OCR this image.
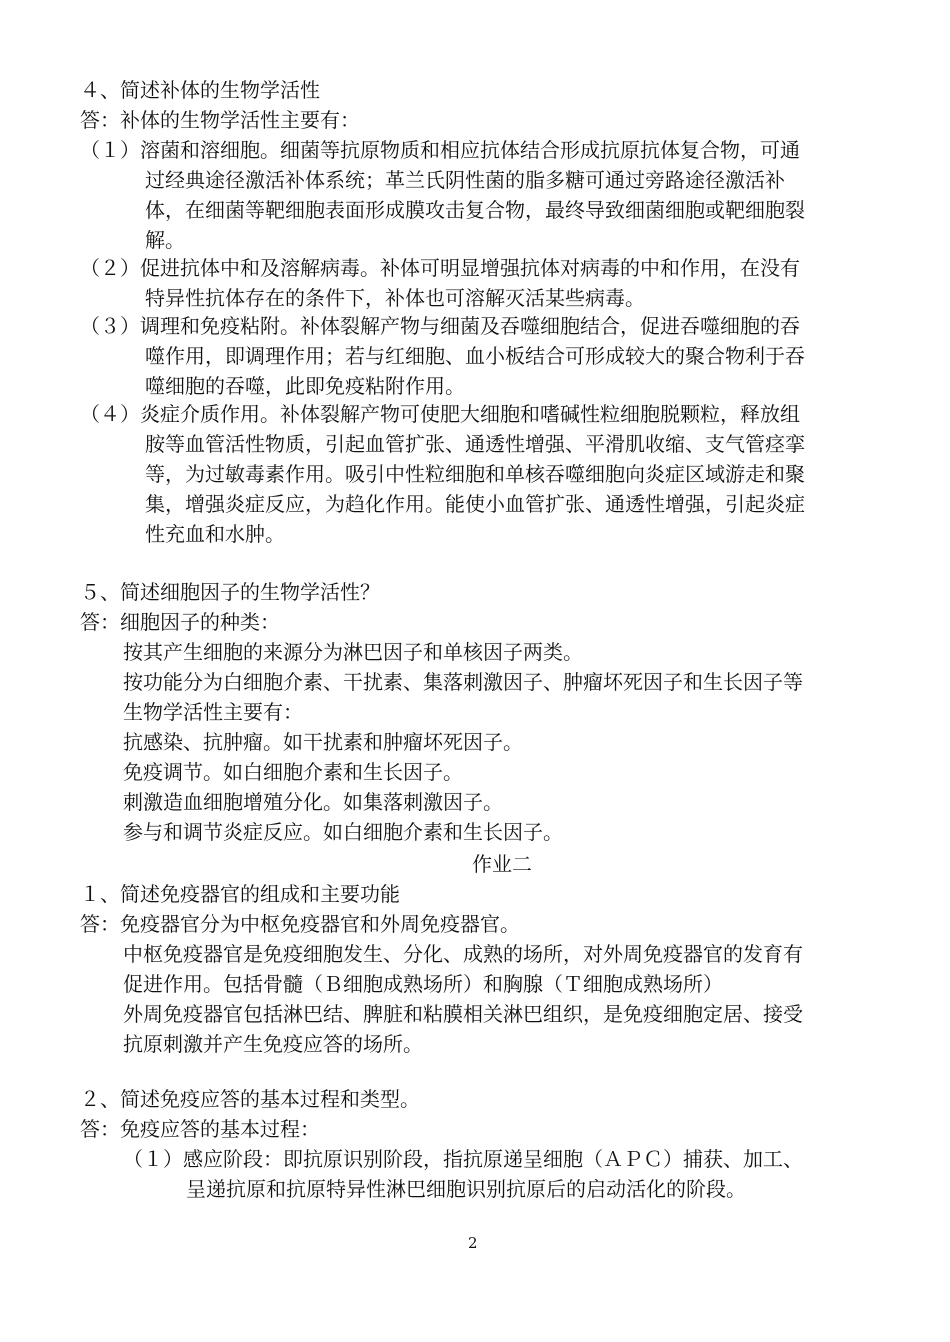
４、简述补体的生物学活性
答：补体的生物学活性主要有：
（１）溶菌和溶细胞。细菌等抗原物质和相应抗体结合形成抗原抗体复合物，可通
过经典途径激活补体系统；革兰氏阴性菌的脂多糖可通过旁路途径激活补
体，在细菌等靶细胞表面形成膜攻击复合物，最终导致细菌细胞或靶细胞裂
解。
（２）促进抗体中和及溶解病毒。补体可明显增强抗体对病毒的中和作用，在没有
特异性抗体存在的条件下，补体也可溶解灭活某些病毒。
（３）调理和免疫粘附。补体裂解产物与细菌及吞噬细胞结合，促进吞噬细胞的吞
噬作用，即调理作用；若与红细胞、血小板结合可形成较大的聚合物利于吞
噬细胞的吞噬，此即免疫粘附作用。
（４）炎症介质作用。补体裂解产物可使肥大细胞和嗜碱性粒细胞脱颗粒，释放组
胺等血管活性物质，引起血管扩张、通透性增强、平滑肌收缩、支气管痉挛
等，为过敏毒素作用。吸引中性粒细胞和单核吞噬细胞向炎症区域游走和聚
集，增强炎症反应，为趋化作用。能使小血管扩张、通透性增强，引起炎症
性充血和水肿。
５、简述细胞因子的生物学活性？
答：细胞因子的种类：
按其产生细胞的来源分为淋巴因子和单核因子两类。
按功能分为白细胞介素、干扰素、集落刺激因子、肿瘤坏死因子和生长因子等
生物学活性主要有：
抗感染、抗肿瘤。如干扰素和肿瘤坏死因子。
免疫调节。如白细胞介素和生长因子。
刺激造血细胞增殖分化。如集落刺激因子。
参与和调节炎症反应。如白细胞介素和生长因子。
作业二
１、简述免疫器官的组成和主要功能
答：免疫器官分为中枢免疫器官和外周免疫器官。
中枢免疫器官是免疫细胞发生、分化、成熟的场所，对外周免疫器官的发育有
促进作用。包括骨髓（Ｂ细胞成熟场所）和胸腺（Ｔ细胞成熟场所）
外周免疫器官包括淋巴结、脾脏和粘膜相关淋巴组织，是免疫细胞定居、接受
抗原刺激并产生免疫应答的场所。
２、简述免疫应答的基本过程和类型。
答：免疫应答的基本过程：
（１）感应阶段：即抗原识别阶段，指抗原递呈细胞（ＡＰＣ）捕获、加工、
呈递抗原和抗原特异性淋巴细胞识别抗原后的启动活化的阶段。
2
